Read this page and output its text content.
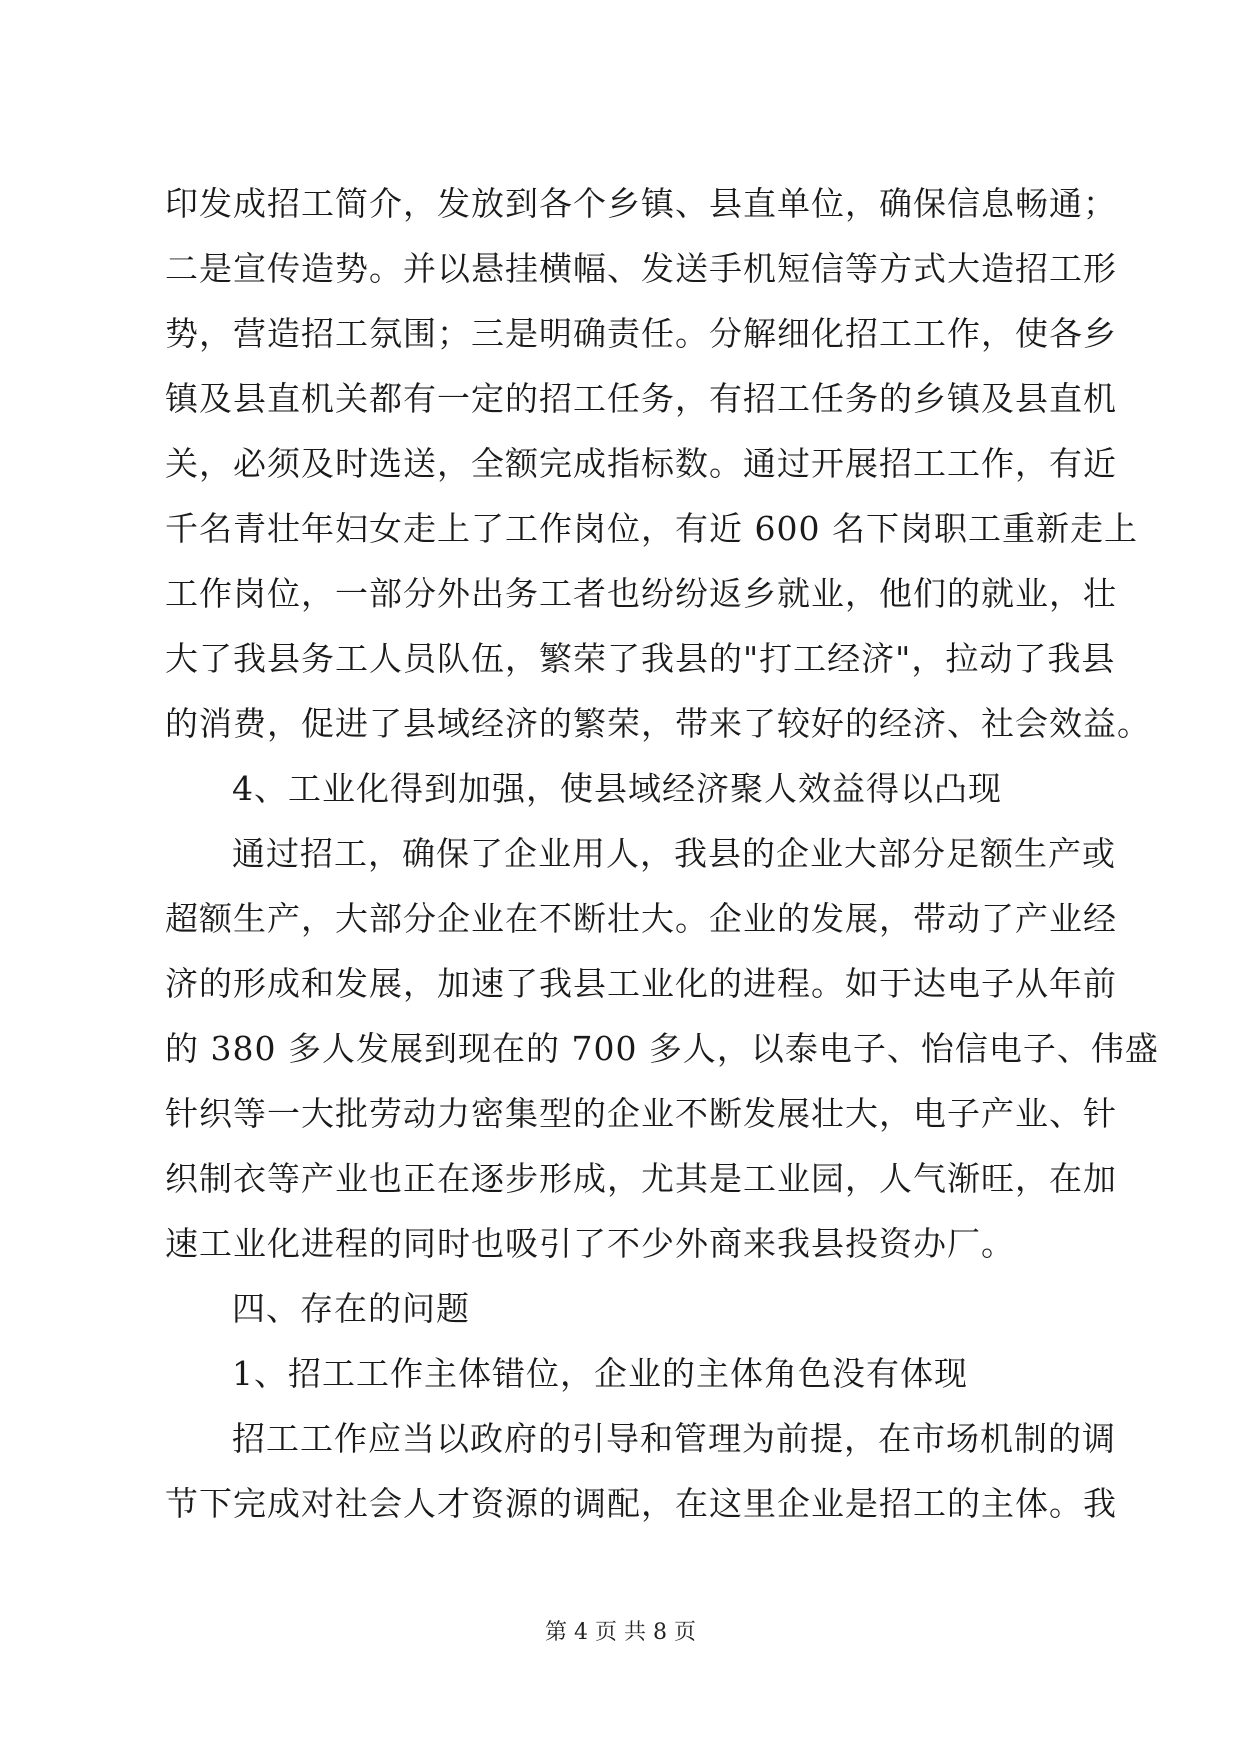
印发成招工简介，发放到各个乡镇、县直单位，确保信息畅通；
二是宣传造势。并以悬挂横幅、发送手机短信等方式大造招工形
势，营造招工氛围；三是明确责任。分解细化招工工作，使各乡
镇及县直机关都有一定的招工任务，有招工任务的乡镇及县直机
关，必须及时选送，全额完成指标数。通过开展招工工作，有近
千名青壮年妇女走上了工作岗位，有近 600 名下岗职工重新走上
工作岗位，一部分外出务工者也纷纷返乡就业，他们的就业，壮
大了我县务工人员队伍，繁荣了我县的"打工经济"，拉动了我县
的消费，促进了县域经济的繁荣，带来了较好的经济、社会效益。
4、工业化得到加强，使县域经济聚人效益得以凸现
通过招工，确保了企业用人，我县的企业大部分足额生产或
超额生产，大部分企业在不断壮大。企业的发展，带动了产业经
济的形成和发展，加速了我县工业化的进程。如于达电子从年前
的 380 多人发展到现在的 700 多人，以泰电子、怡信电子、伟盛
针织等一大批劳动力密集型的企业不断发展壮大，电子产业、针
织制衣等产业也正在逐步形成，尤其是工业园，人气渐旺，在加
速工业化进程的同时也吸引了不少外商来我县投资办厂。
四、存在的问题
1、招工工作主体错位，企业的主体角色没有体现
招工工作应当以政府的引导和管理为前提，在市场机制的调
节下完成对社会人才资源的调配，在这里企业是招工的主体。我
第 4 页 共 8 页
